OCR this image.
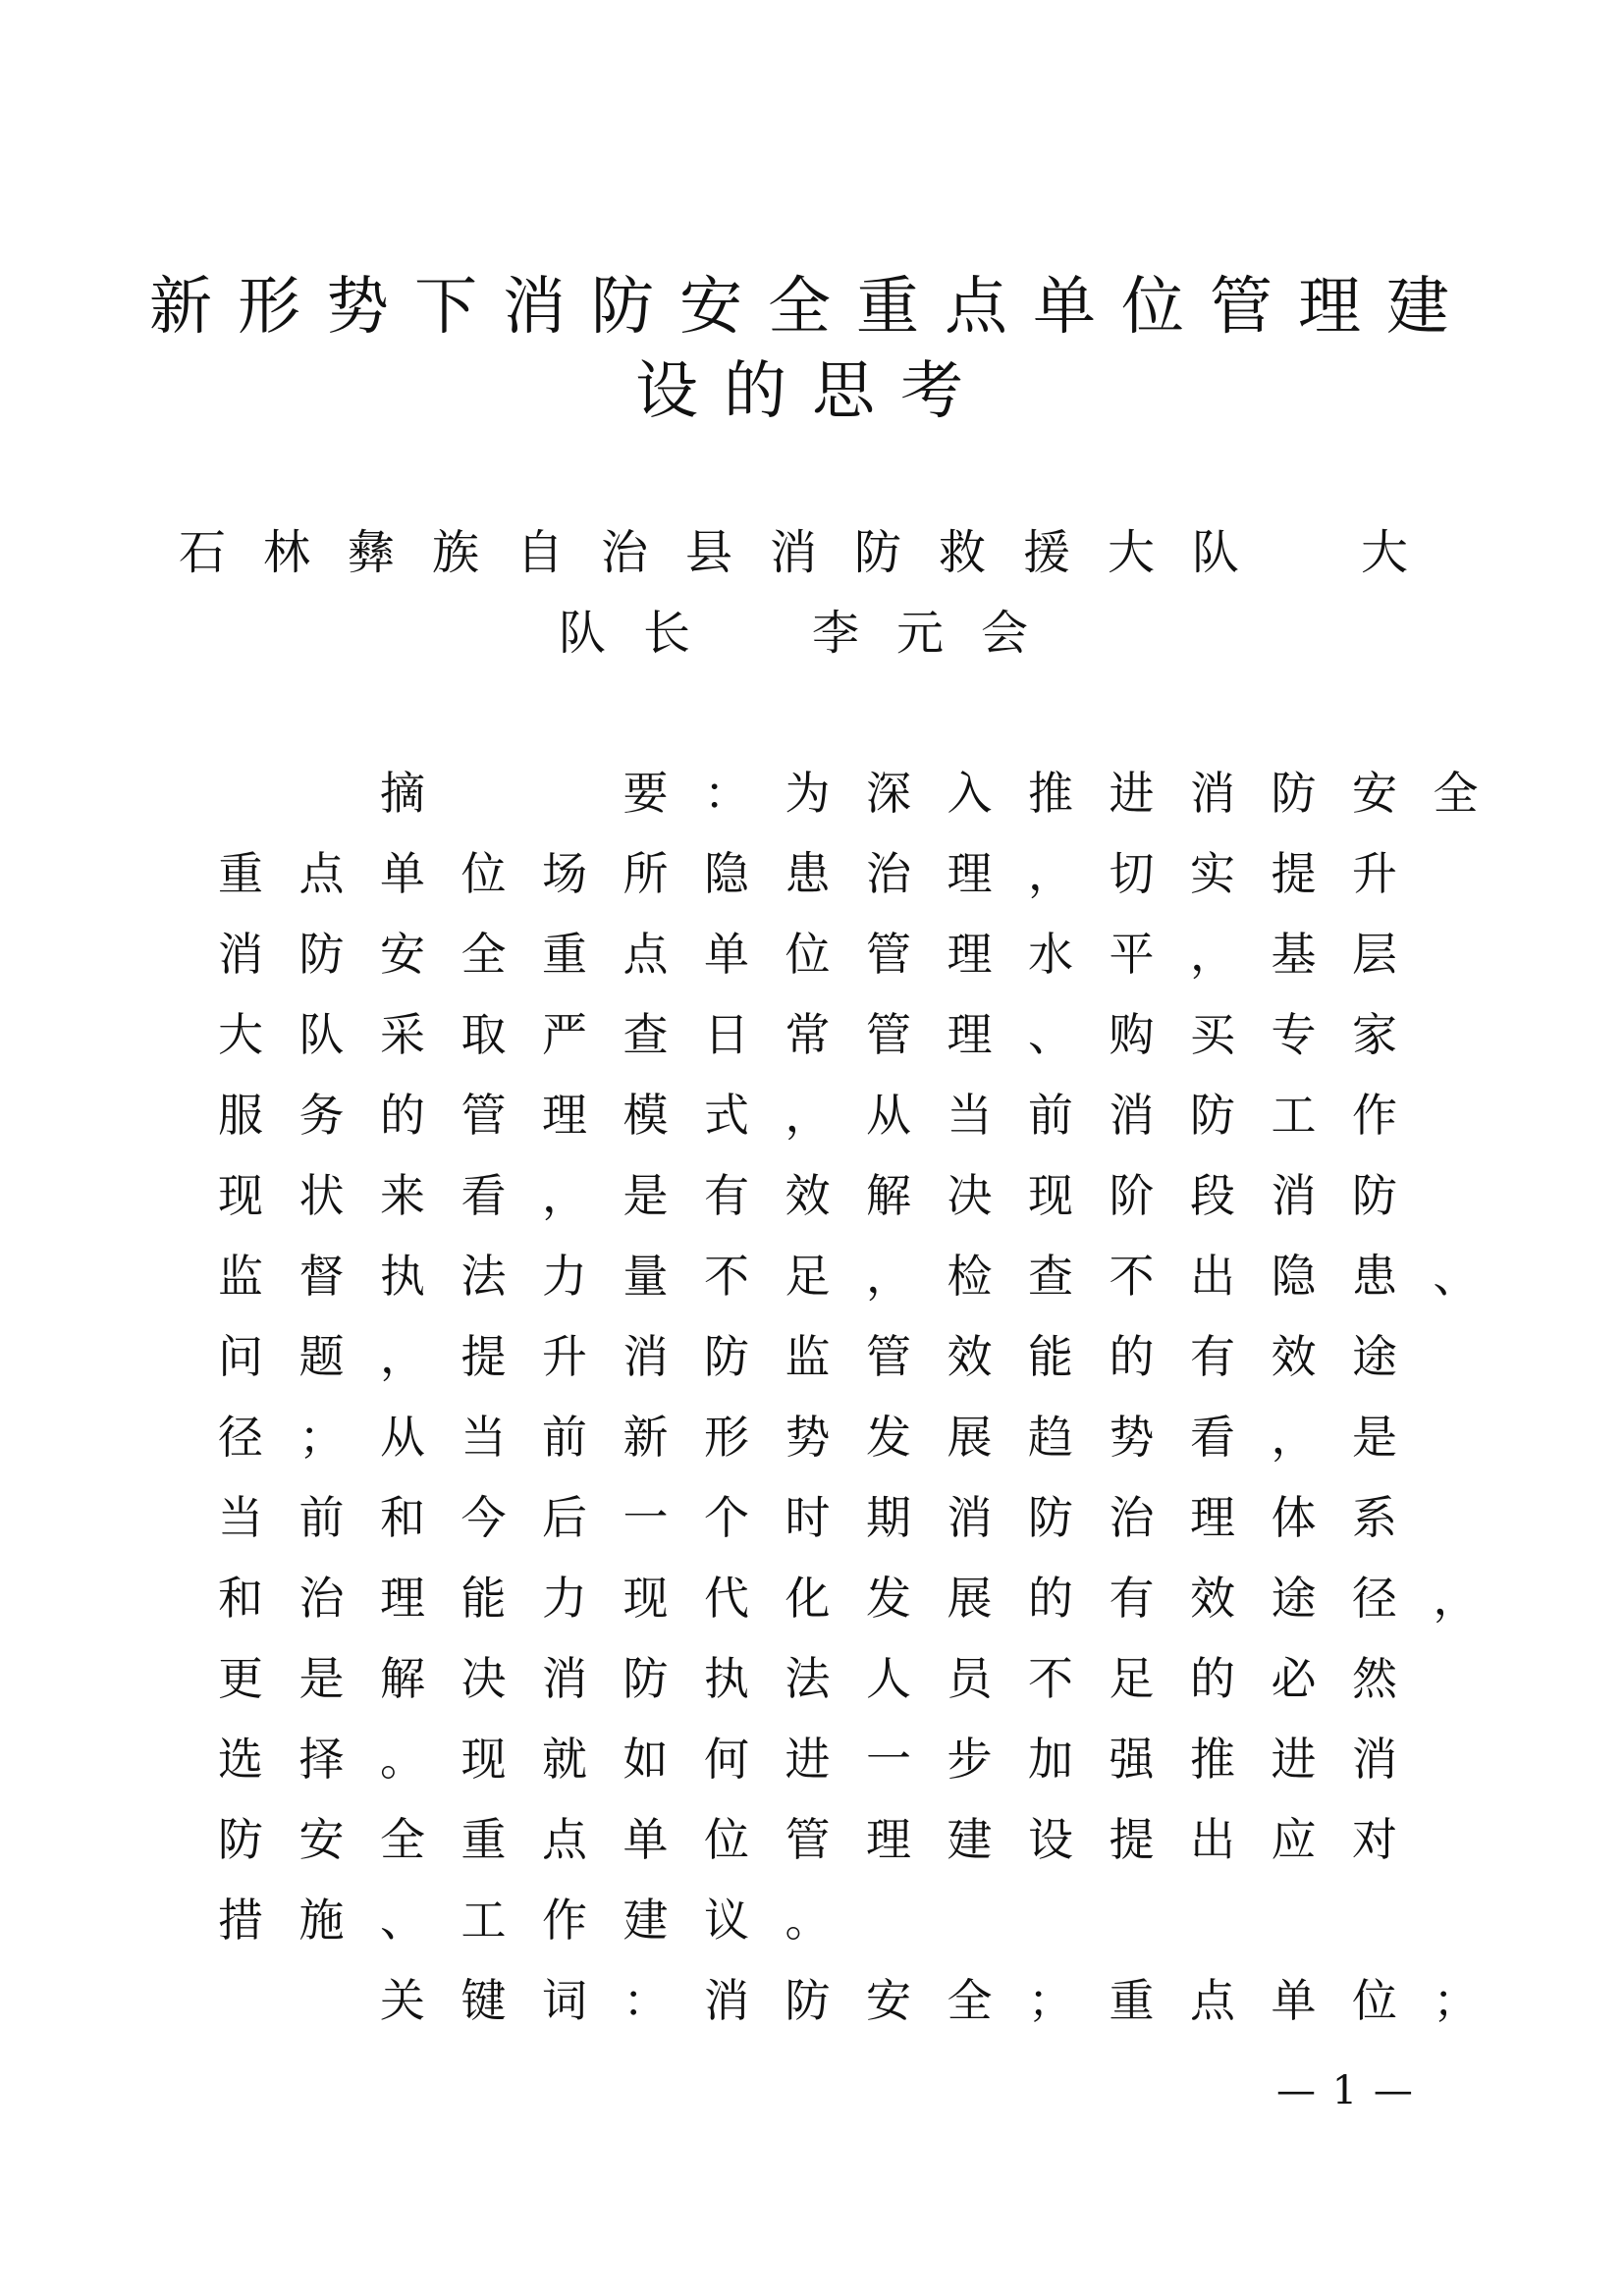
新形势下消防安全重点单位管理建
设的思考
石林彝族自治县消防救援大队　大
队长　李元会
　　摘　　要：为深入推进消防安全
重点单位场所隐患治理，切实提升
消防安全重点单位管理水平，基层
大队采取严查日常管理、购买专家
服务的管理模式，从当前消防工作
现状来看，是有效解决现阶段消防
监督执法力量不足，检查不出隐患、
问题，提升消防监管效能的有效途
径；从当前新形势发展趋势看，是
当前和今后一个时期消防治理体系
和治理能力现代化发展的有效途径，
更是解决消防执法人员不足的必然
选择。现就如何进一步加强推进消
防安全重点单位管理建设提出应对
措施、工作建议。
　　关键词：消防安全；重点单位；
— 1 —
